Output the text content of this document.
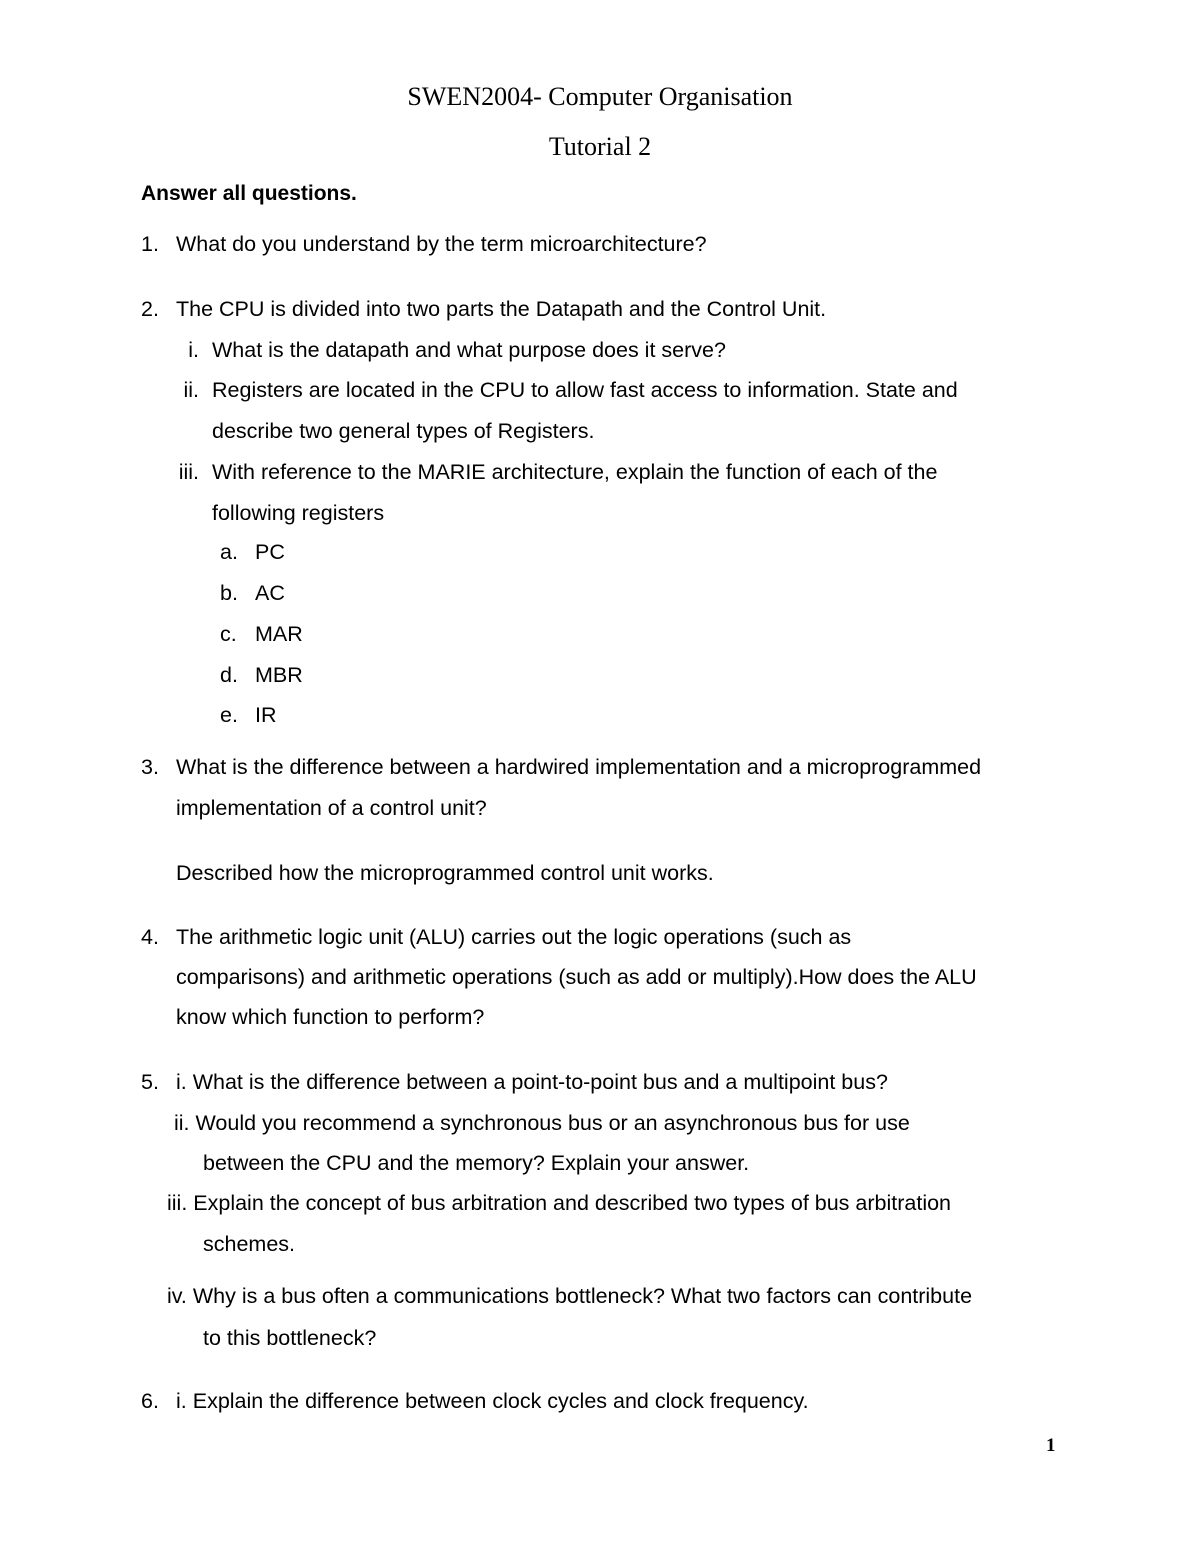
SWEN2004- Computer Organisation
Tutorial 2
Answer all questions.
1. What do you understand by the term microarchitecture?
2. The CPU is divided into two parts the Datapath and the Control Unit.
i. What is the datapath and what purpose does it serve?
ii. Registers are located in the CPU to allow fast access to information. State and
describe two general types of Registers.
iii. With reference to the MARIE architecture, explain the function of each of the
following registers
a. PC
b. AC
c. MAR
d. MBR
e. IR
3. What is the difference between a hardwired implementation and a microprogrammed
implementation of a control unit?
Described how the microprogrammed control unit works.
4. The arithmetic logic unit (ALU) carries out the logic operations (such as
comparisons) and arithmetic operations (such as add or multiply).How does the ALU
know which function to perform?
5. i. What is the difference between a point-to-point bus and a multipoint bus?
ii. Would you recommend a synchronous bus or an asynchronous bus for use
between the CPU and the memory? Explain your answer.
iii. Explain the concept of bus arbitration and described two types of bus arbitration
schemes.
iv. Why is a bus often a communications bottleneck? What two factors can contribute
to this bottleneck?
6. i. Explain the difference between clock cycles and clock frequency.
1
